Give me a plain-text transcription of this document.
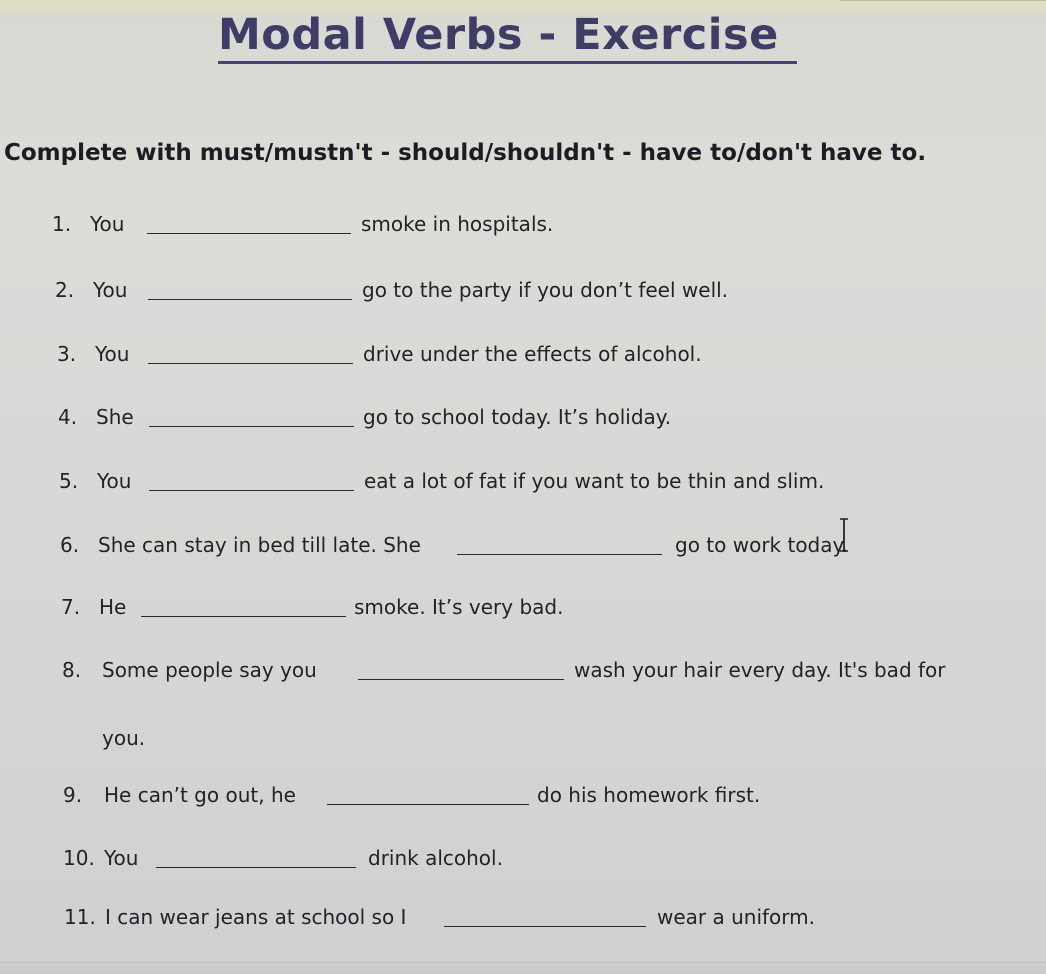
Modal Verbs - Exercise
Complete with must/mustn't - should/shouldn't - have to/don't have to.
1. You	smoke in hospitals.
2. You	go to the party if you don’t feel well.
3. You	drive under the effects of alcohol.
4. She	go to school today. It’s holiday.
5. You	eat a lot of fat if you want to be thin and slim.
6. She can stay in bed till late. She	go to work today.
7. He	smoke. It’s very bad.
8. Some people say you	wash your hair every day. It's bad for
you.
9. He can’t go out, he	do his homework first.
10. You	drink alcohol.
11. I can wear jeans at school so I	wear a uniform.
